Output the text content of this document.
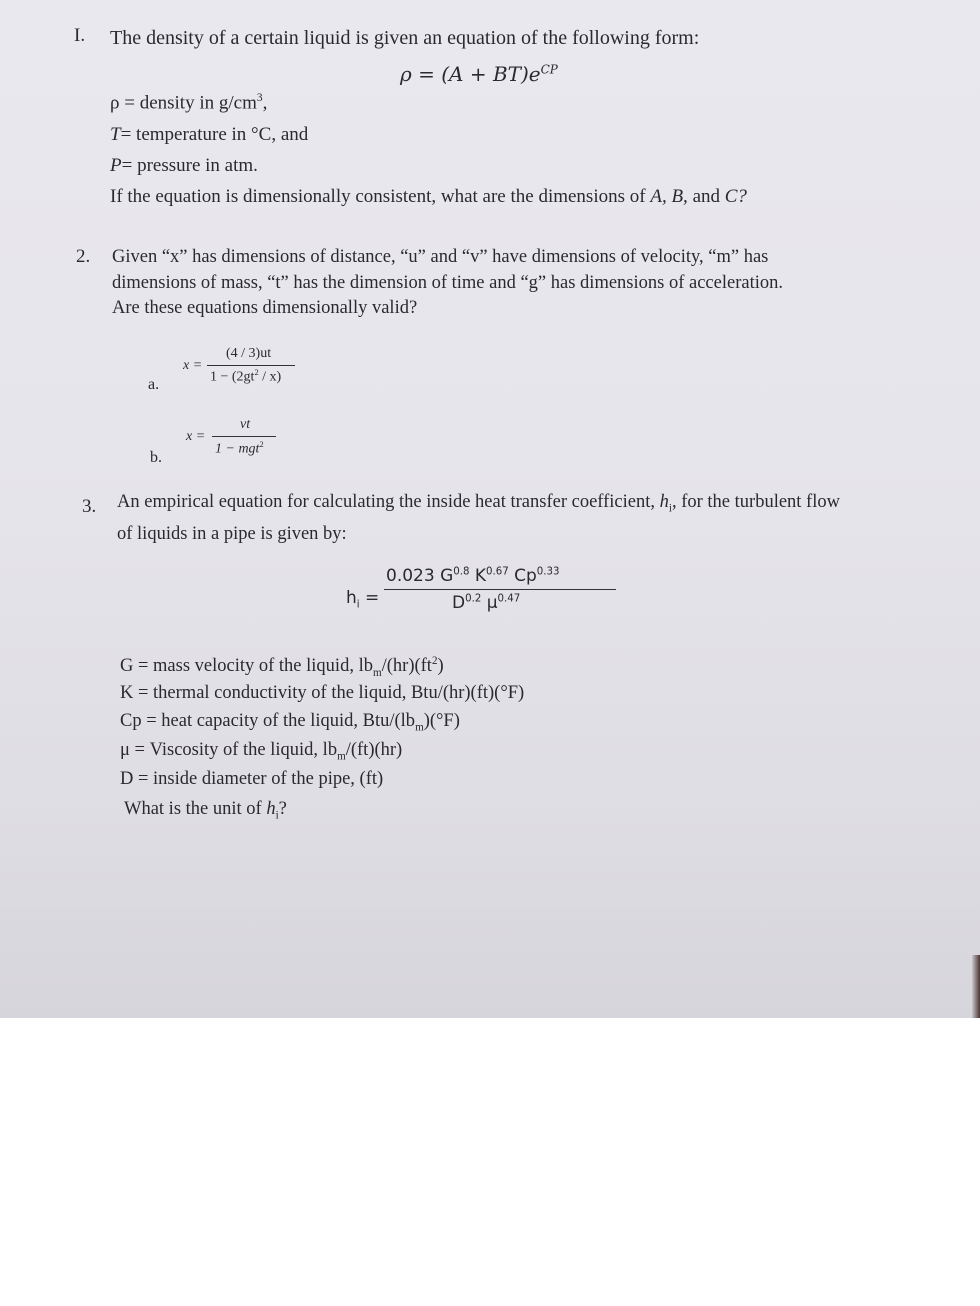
I. The density of a certain liquid is given an equation of the following form:
$\rho = (A + BT)e^{CP}$
ρ = density in $g/cm^3$,
T= temperature in °C, and
P= pressure in atm.
If the equation is dimensionally consistent, what are the dimensions of A, B, and C?
2. Given “x” has dimensions of distance, “u” and “v” have dimensions of velocity, “m” has
dimensions of mass, “t” has the dimension of time and “g” has dimensions of acceleration.
Are these equations dimensionally valid?
a.
x =
(4 / 3)ut
$1 - (2gt^2 / x)$
b.
x =
vt
1 − mgt$^2$
3. An empirical equation for calculating the inside heat transfer coefficient, $h_i$, for the turbulent flow
of liquids in a pipe is given by:
$h_i$ =
0.023 $G^{0.8}$ $K^{0.67}$ $Cp^{0.33}$
$D^{0.2}$ $\mu^{0.47}$
G = mass velocity of the liquid, $lb_m/(hr)(ft^2)$
K = thermal conductivity of the liquid, Btu/(hr)(ft)(°F)
Cp = heat capacity of the liquid, Btu/$(lb_m)(^\circ F)$
μ = Viscosity of the liquid, $lb_m/(ft)(hr)$
D = inside diameter of the pipe, (ft)
What is the unit of $h_i$?
